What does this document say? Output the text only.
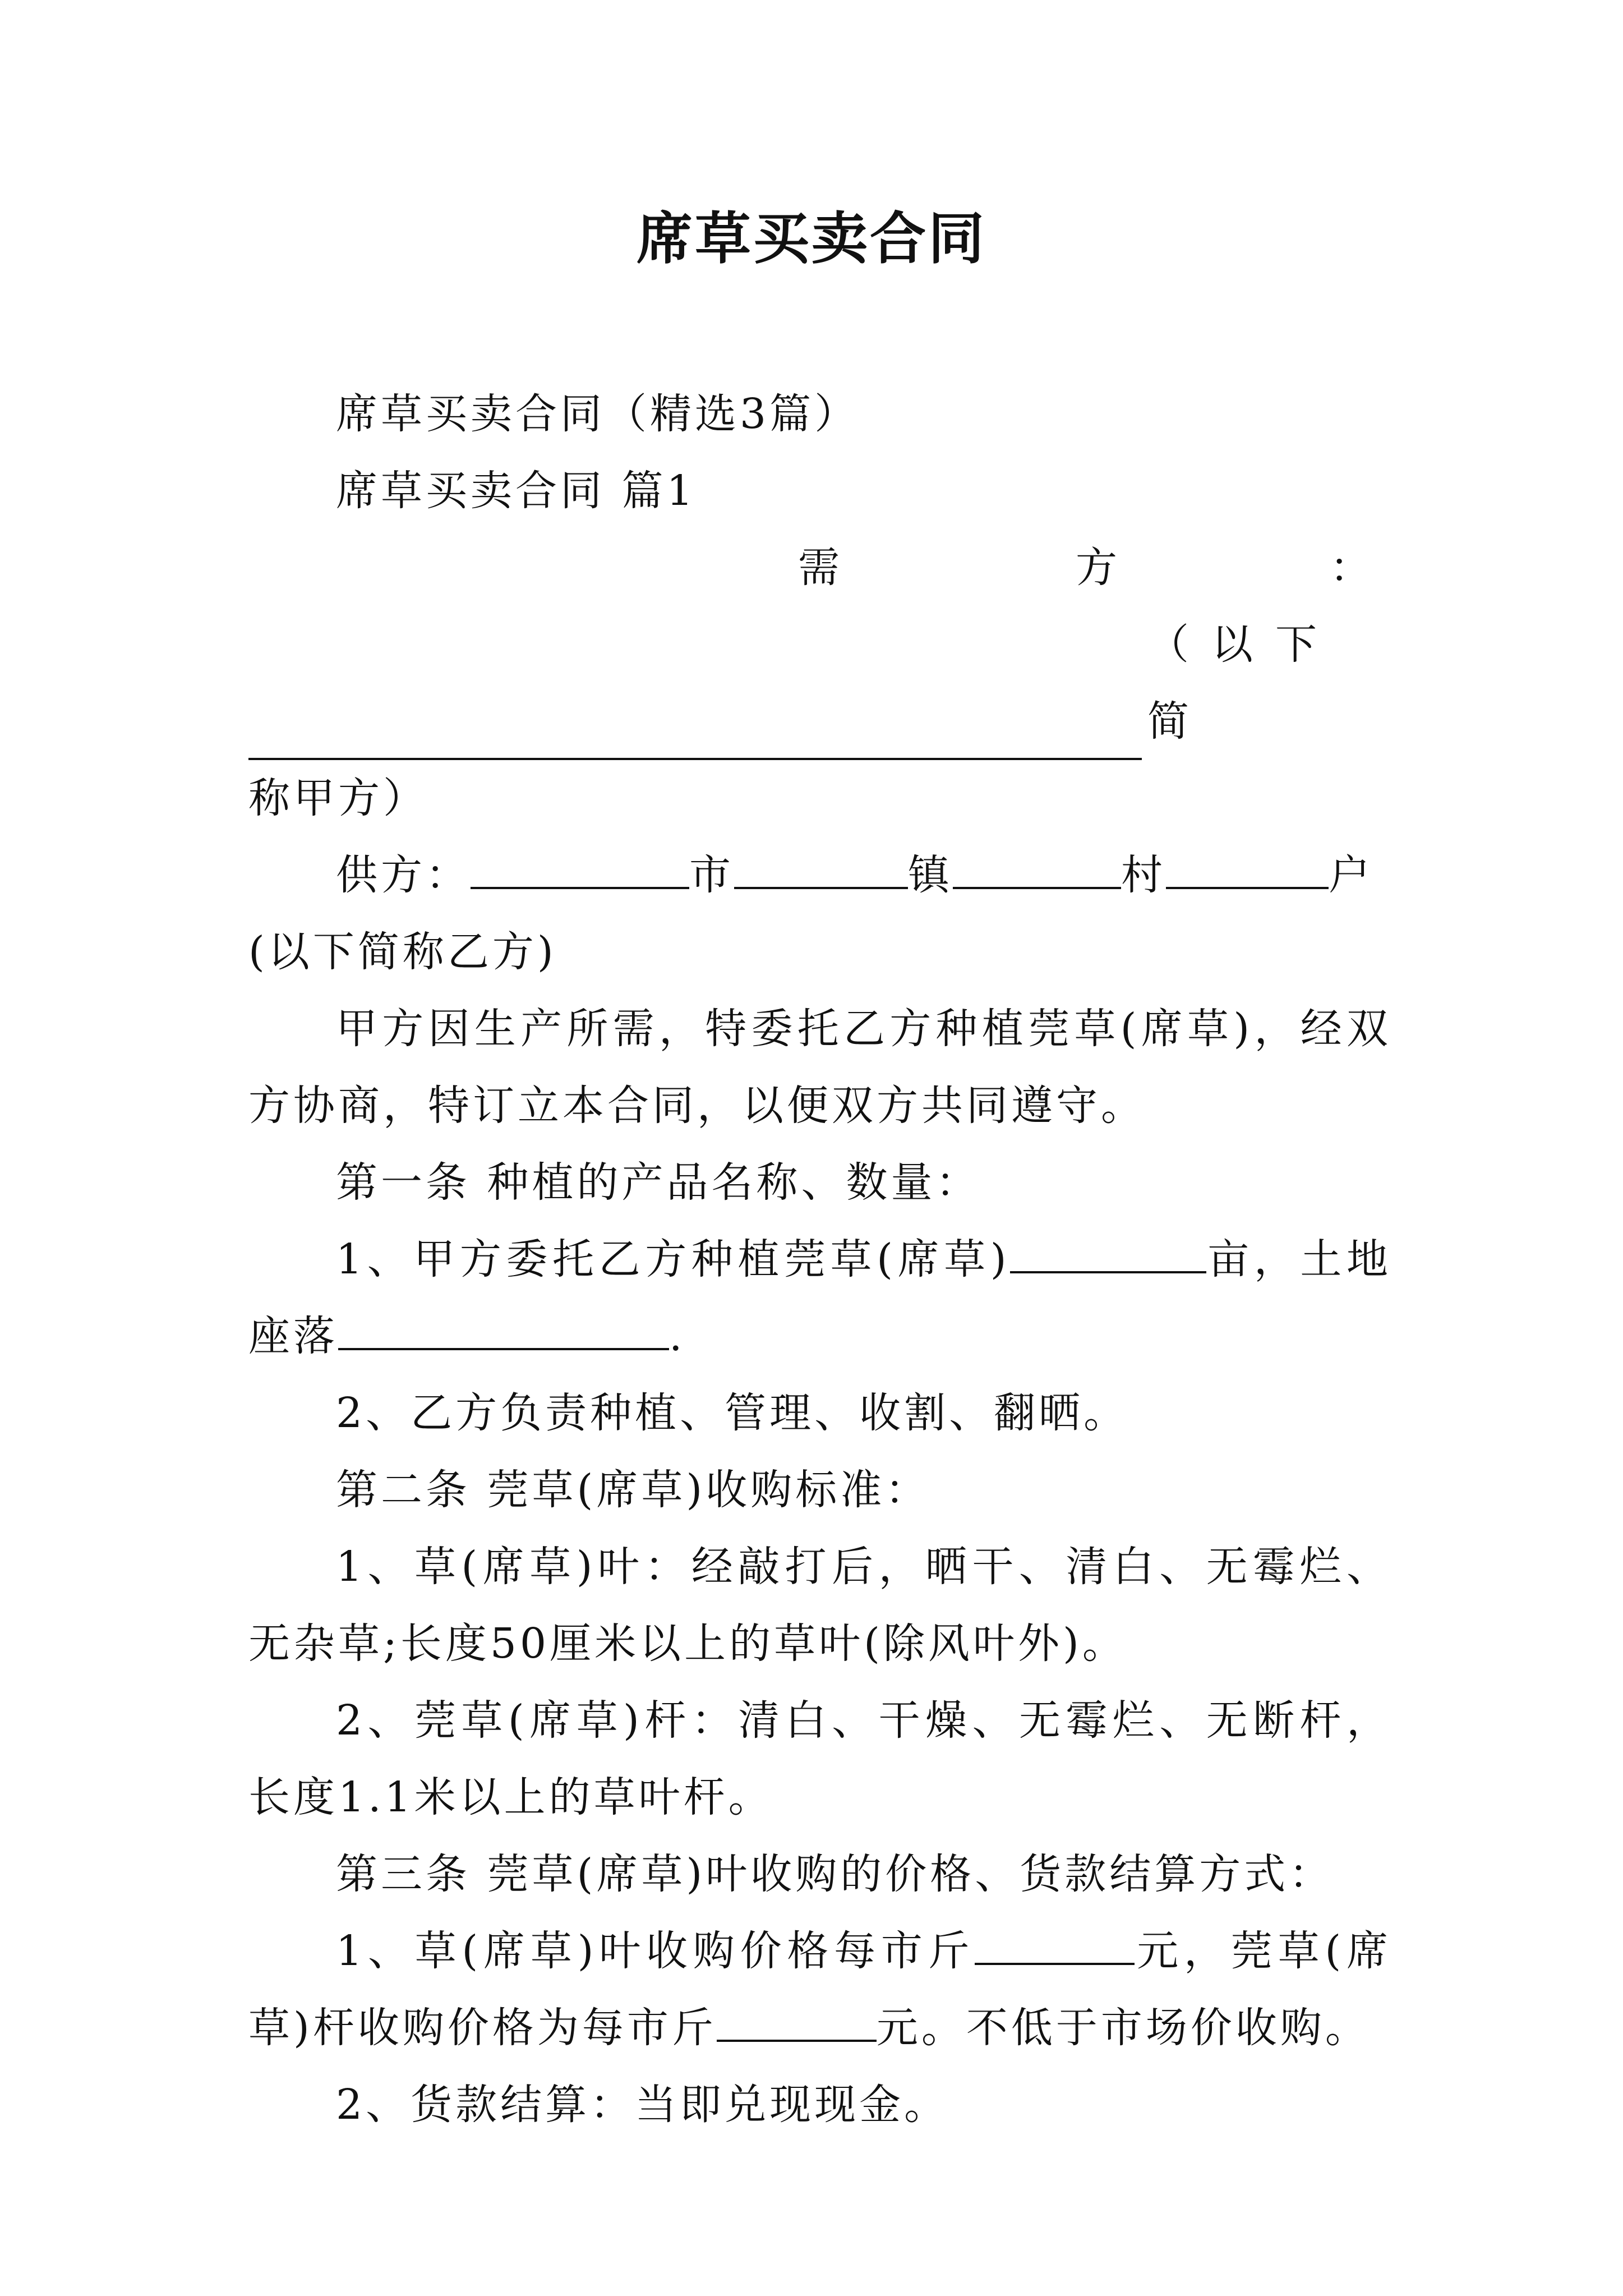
席草买卖合同

席草买卖合同（精选3篇）

席草买卖合同 篇1

需	方	：

（以下简

称甲方）

供方：	市	镇	村	户

(以下简称乙方)

甲方因生产所需，特委托乙方种植莞草(席草)，经双方协商，特订立本合同，以便双方共同遵守。

第一条 种植的产品名称、数量：

1、甲方委托乙方种植莞草(席草)	亩，土地座落	.

2、乙方负责种植、管理、收割、翻晒。

第二条 莞草(席草)收购标准：

1、草(席草)叶：经敲打后，晒干、清白、无霉烂、无杂草;长度50厘米以上的草叶(除风叶外)。

2、莞草(席草)杆：清白、干燥、无霉烂、无断杆，长度1.1米以上的草叶杆。

第三条 莞草(席草)叶收购的价格、货款结算方式：

1、草(席草)叶收购价格每市斤	元，莞草(席草)杆收购价格为每市斤	元。不低于市场价收购。

2、货款结算：当即兑现现金。
